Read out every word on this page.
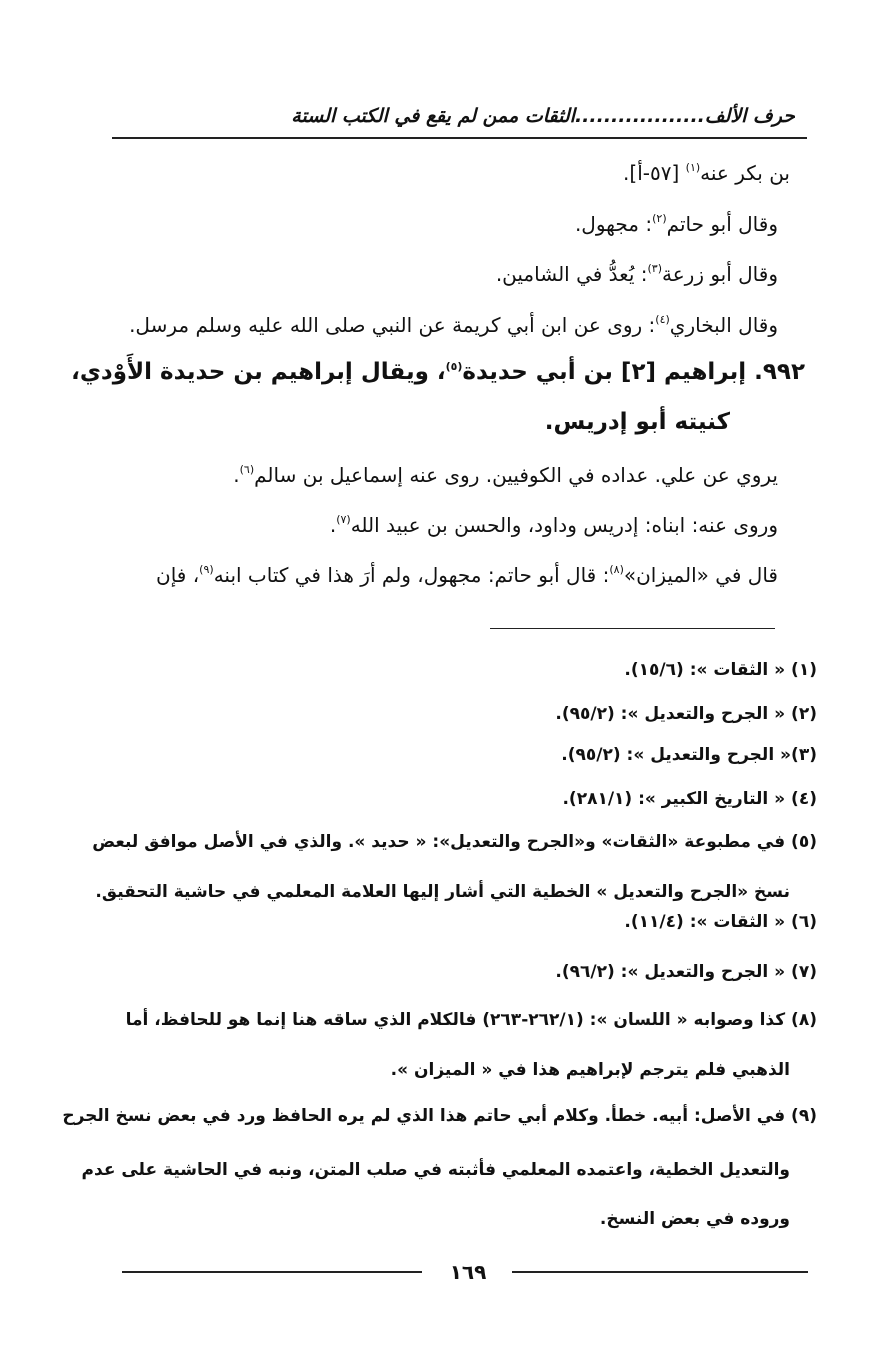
حرف الألف..................الثقات ممن لم يقع في الكتب الستة
بن بكر عنه$^{(١)}$ [٥٧-أ].
وقال أبو حاتم$^{(٢)}$: مجهول.
وقال أبو زرعة$^{(٣)}$: يُعدُّ في الشامين.
وقال البخاري$^{(٤)}$: روى عن ابن أبي كريمة عن النبي صلى الله عليه وسلم مرسل.
٩٩٢. إبراهيم [٢] بن أبي حديدة$^{(٥)}$، ويقال إبراهيم بن حديدة الأَوْدي،
كنيته أبو إدريس.
يروي عن علي. عداده في الكوفيين. روى عنه إسماعيل بن سالم$^{(٦)}$.
وروى عنه: ابناه: إدريس وداود، والحسن بن عبيد الله$^{(٧)}$.
قال في «الميزان»$^{(٨)}$: قال أبو حاتم: مجهول، ولم أرَ هذا في كتاب ابنه$^{(٩)}$، فإن
(١) « الثقات »: (١٥/٦).
(٢) « الجرح والتعديل »: (٩٥/٢).
(٣)« الجرح والتعديل »: (٩٥/٢).
(٤) « التاريخ الكبير »: (٢٨١/١).
(٥) في مطبوعة «الثقات» و«الجرح والتعديل»: « حديد ». والذي في الأصل موافق لبعض
نسخ «الجرح والتعديل » الخطية التي أشار إليها العلامة المعلمي في حاشية التحقيق.
(٦) « الثقات »: (١١/٤).
(٧) « الجرح والتعديل »: (٩٦/٢).
(٨) كذا وصوابه « اللسان »: (٢٦٢/١-٢٦٣) فالكلام الذي ساقه هنا إنما هو للحافظ، أما
الذهبي فلم يترجم لإبراهيم هذا في « الميزان ».
(٩) في الأصل: أبيه. خطأ. وكلام أبي حاتم هذا الذي لم يره الحافظ ورد في بعض نسخ الجرح
والتعديل الخطية، واعتمده المعلمي فأثبته في صلب المتن، ونبه في الحاشية على عدم
وروده في بعض النسخ.
١٦٩
